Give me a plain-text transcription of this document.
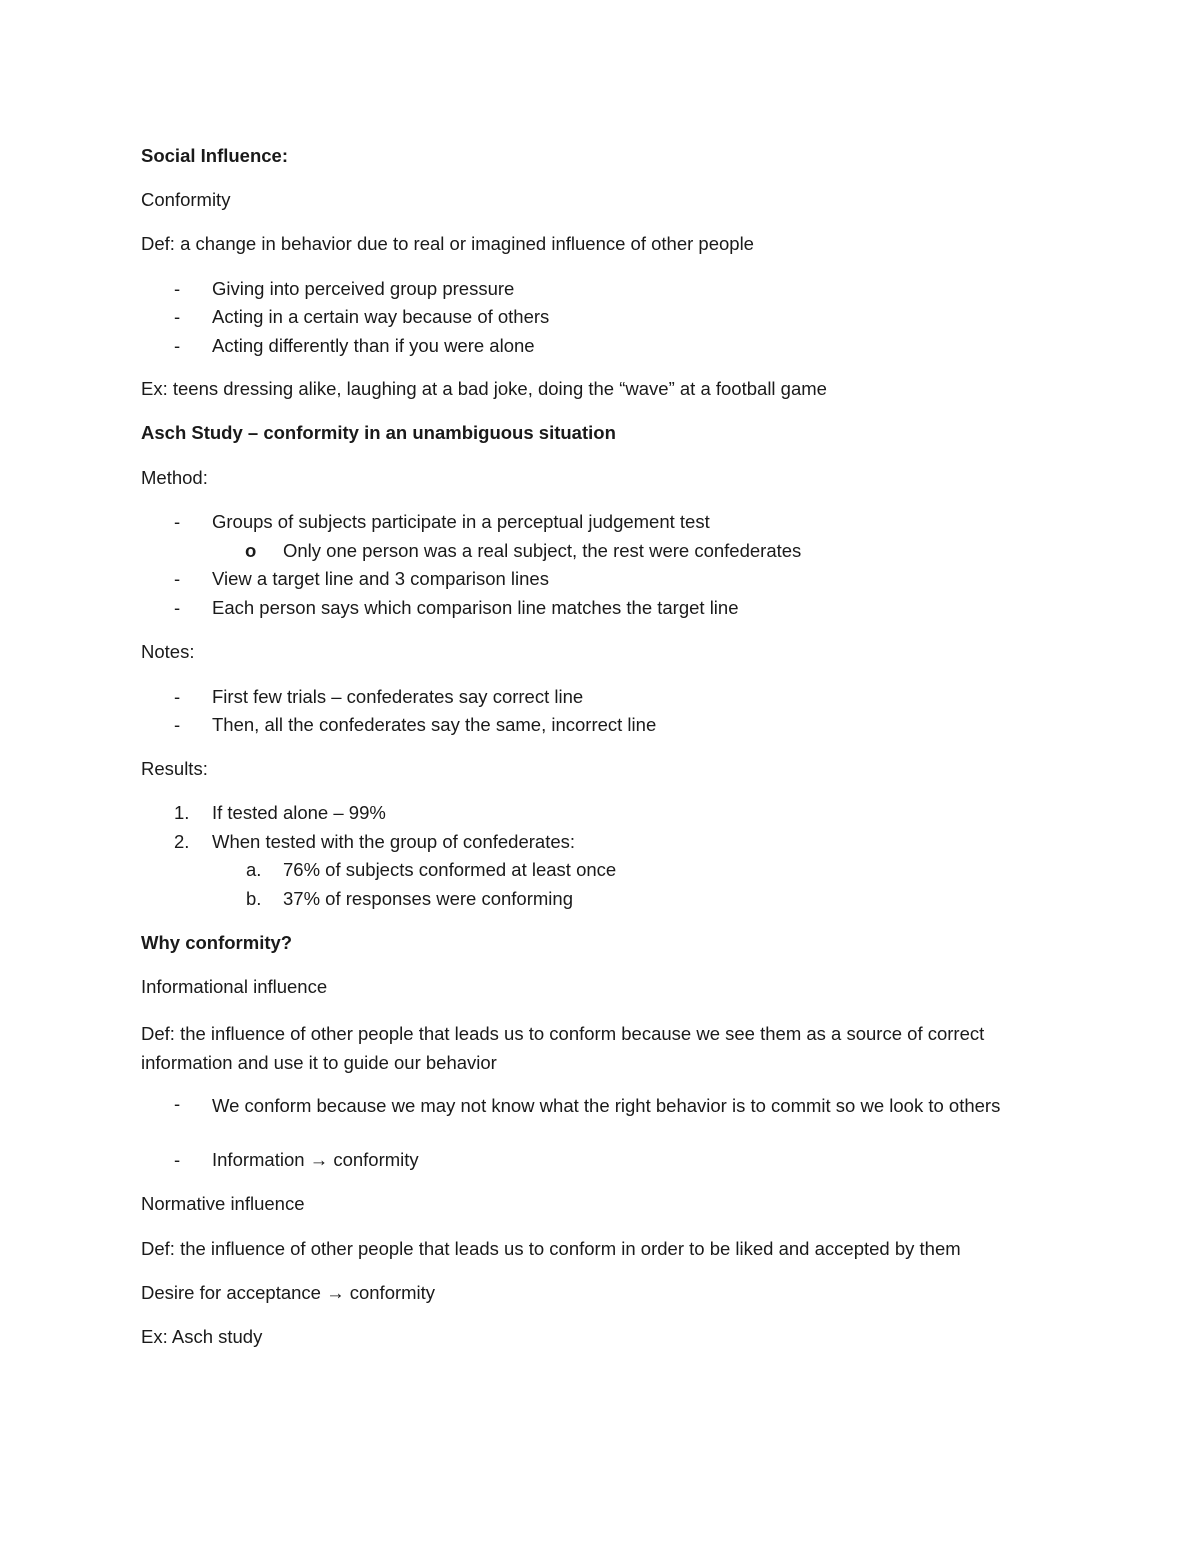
Social Influence:
Conformity
Def: a change in behavior due to real or imagined influence of other people
- Giving into perceived group pressure
- Acting in a certain way because of others
- Acting differently than if you were alone
Ex: teens dressing alike, laughing at a bad joke, doing the “wave” at a football game
Asch Study – conformity in an unambiguous situation
Method:
- Groups of subjects participate in a perceptual judgement test
o Only one person was a real subject, the rest were confederates
- View a target line and 3 comparison lines
- Each person says which comparison line matches the target line
Notes:
- First few trials – confederates say correct line
- Then, all the confederates say the same, incorrect line
Results:
1. If tested alone – 99%
2. When tested with the group of confederates:
a. 76% of subjects conformed at least once
b. 37% of responses were conforming
Why conformity?
Informational influence
Def: the influence of other people that leads us to conform because we see them as a source of correct information and use it to guide our behavior
- We conform because we may not know what the right behavior is to commit so we look to others
- Information → conformity
Normative influence
Def: the influence of other people that leads us to conform in order to be liked and accepted by them
Desire for acceptance → conformity
Ex: Asch study
